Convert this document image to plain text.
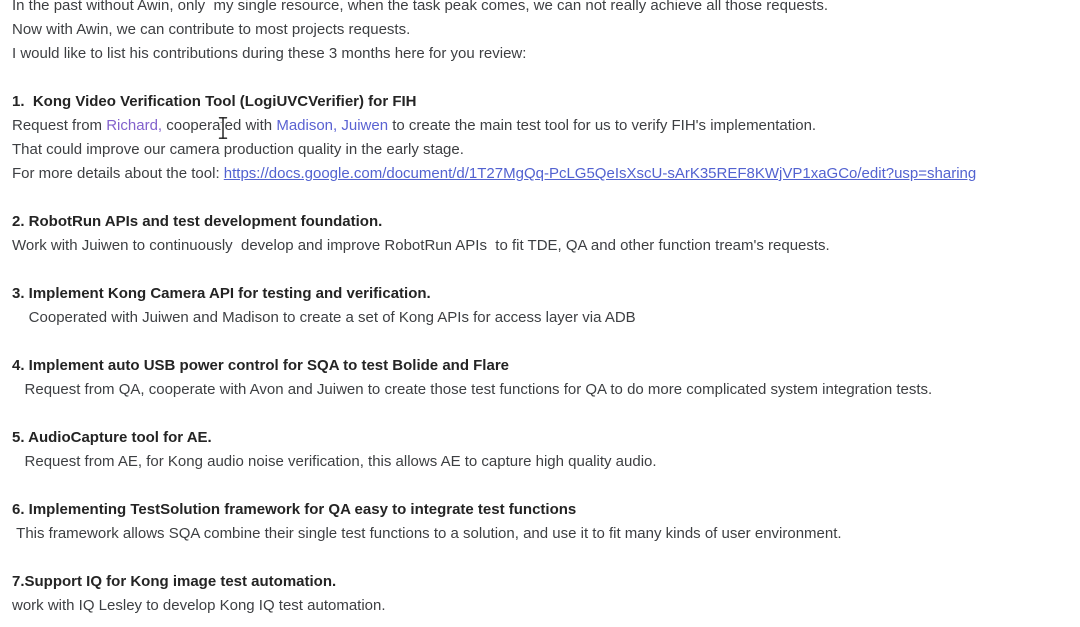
In the past without Awin, only  my single resource, when the task peak comes, we can not really achieve all those requests.

Now with Awin, we can contribute to most projects requests.

I would like to list his contributions during these 3 months here for you review:

1.  Kong Video Verification Tool (LogiUVCVerifier) for FIH

Request from Richard, cooperated with Madison, Juiwen to create the main test tool for us to verify FIH's implementation.

That could improve our camera production quality in the early stage.

For more details about the tool: https://docs.google.com/document/d/1T27MgQq-PcLG5QeIsXscU-sArK35REF8KWjVP1xaGCo/edit?usp=sharing

2. RobotRun APIs and test development foundation.

Work with Juiwen to continuously  develop and improve RobotRun APIs  to fit TDE, QA and other function tream's requests.

3. Implement Kong Camera API for testing and verification.

Cooperated with Juiwen and Madison to create a set of Kong APIs for access layer via ADB

4. Implement auto USB power control for SQA to test Bolide and Flare

Request from QA, cooperate with Avon and Juiwen to create those test functions for QA to do more complicated system integration tests.

5. AudioCapture tool for AE.

Request from AE, for Kong audio noise verification, this allows AE to capture high quality audio.

6. Implementing TestSolution framework for QA easy to integrate test functions

This framework allows SQA combine their single test functions to a solution, and use it to fit many kinds of user environment.

7.Support IQ for Kong image test automation.

work with IQ Lesley to develop Kong IQ test automation.
